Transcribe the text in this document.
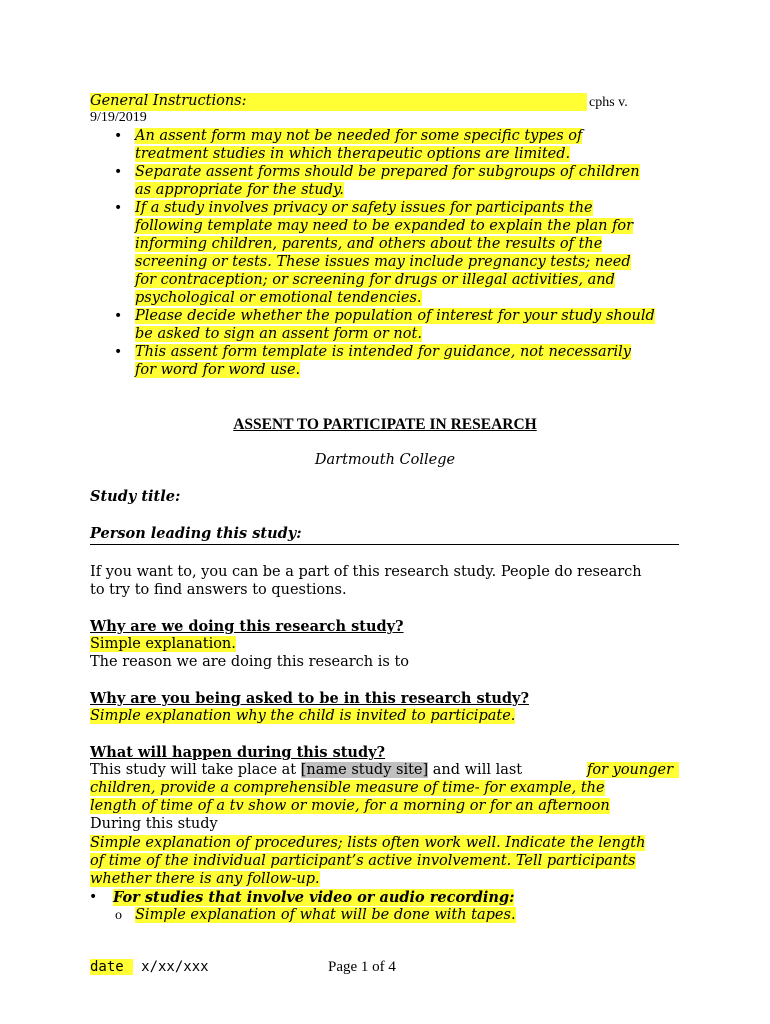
General Instructions:	cphs v.
9/19/2019
• An assent form may not be needed for some specific types of
treatment studies in which therapeutic options are limited.
• Separate assent forms should be prepared for subgroups of children
as appropriate for the study.
• If a study involves privacy or safety issues for participants the
following template may need to be expanded to explain the plan for
informing children, parents, and others about the results of the
screening or tests. These issues may include pregnancy tests; need
for contraception; or screening for drugs or illegal activities, and
psychological or emotional tendencies.
• Please decide whether the population of interest for your study should
be asked to sign an assent form or not.
• This assent form template is intended for guidance, not necessarily
for word for word use.
ASSENT TO PARTICIPATE IN RESEARCH
Dartmouth College
Study title:
Person leading this study:
If you want to, you can be a part of this research study. People do research
to try to find answers to questions.
Why are we doing this research study?
Simple explanation.
The reason we are doing this research is to
Why are you being asked to be in this research study?
Simple explanation why the child is invited to participate.
What will happen during this study?
This study will take place at [name study site] and will last	for younger
children, provide a comprehensible measure of time- for example, the
length of time of a tv show or movie, for a morning or for an afternoon
During this study
Simple explanation of procedures; lists often work well. Indicate the length
of time of the individual participant’s active involvement. Tell participants
whether there is any follow-up.
• For studies that involve video or audio recording:
o Simple explanation of what will be done with tapes.
date  x/xx/xxx	Page 1 of 4
